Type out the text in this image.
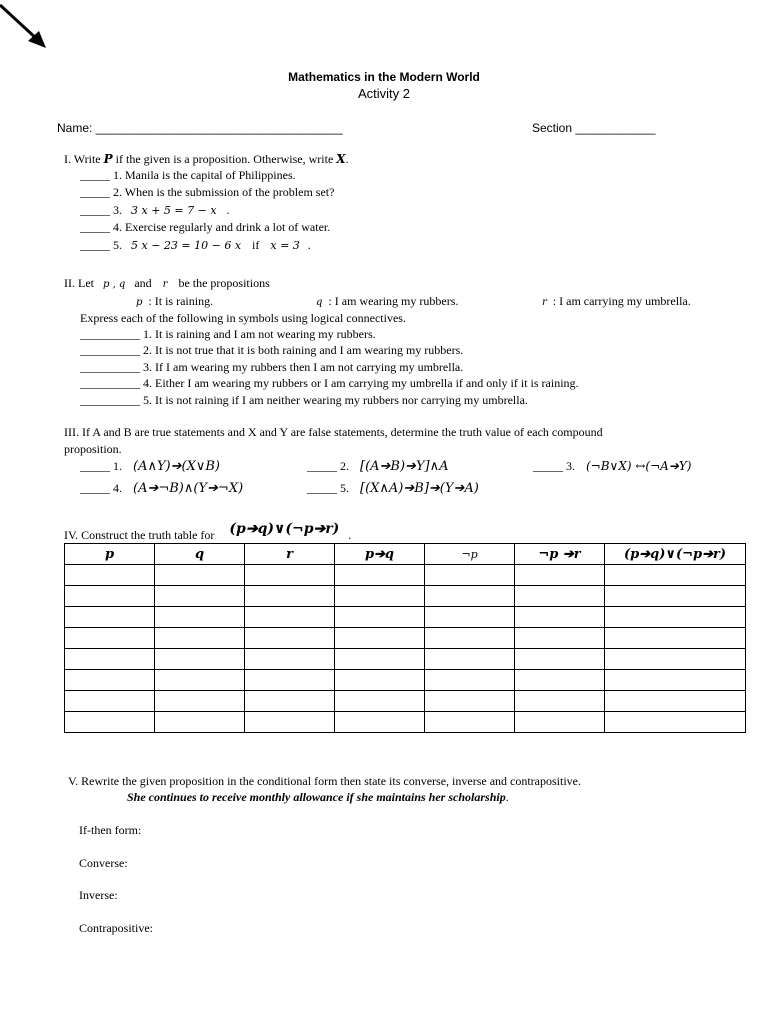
Mathematics in the Modern World
Activity 2
Name: _____________________________________	Section ____________
I. Write P if the given is a proposition. Otherwise, write X.
_____ 1. Manila is the capital of Philippines.
_____ 2. When is the submission of the problem set?
_____ 3. 3 x + 5 = 7 − x .
_____ 4. Exercise regularly and drink a lot of water.
_____ 5. 5 x − 23 = 10 − 6 x if x = 3 .
II. Let p , q and r be the propositions
p : It is raining.	q : I am wearing my rubbers.	r : I am carrying my umbrella.
Express each of the following in symbols using logical connectives.
__________ 1. It is raining and I am not wearing my rubbers.
__________ 2. It is not true that it is both raining and I am wearing my rubbers.
__________ 3. If I am wearing my rubbers then I am not carrying my umbrella.
__________ 4. Either I am wearing my rubbers or I am carrying my umbrella if and only if it is raining.
__________ 5. It is not raining if I am neither wearing my rubbers nor carrying my umbrella.
III. If A and B are true statements and X and Y are false statements, determine the truth value of each compound
proposition.
_____ 1. (A∧Y)➔(X∨B)	_____ 2. [(A➔B)➔Y]∧A	_____ 3. (¬B∨X) ↔(¬A➔Y)
_____ 4. (A➔¬B)∧(Y➔¬X)	_____ 5. [(X∧A)➔B]➔(Y➔A)
IV. Construct the truth table for (p➔q)∨(¬p➔r) .
p	q	r	p➔q	¬p	¬p ➔r	(p➔q)∨(¬p➔r)

V. Rewrite the given proposition in the conditional form then state its converse, inverse and contrapositive.
She continues to receive monthly allowance if she maintains her scholarship.
If-then form:
Converse:
Inverse:
Contrapositive:
